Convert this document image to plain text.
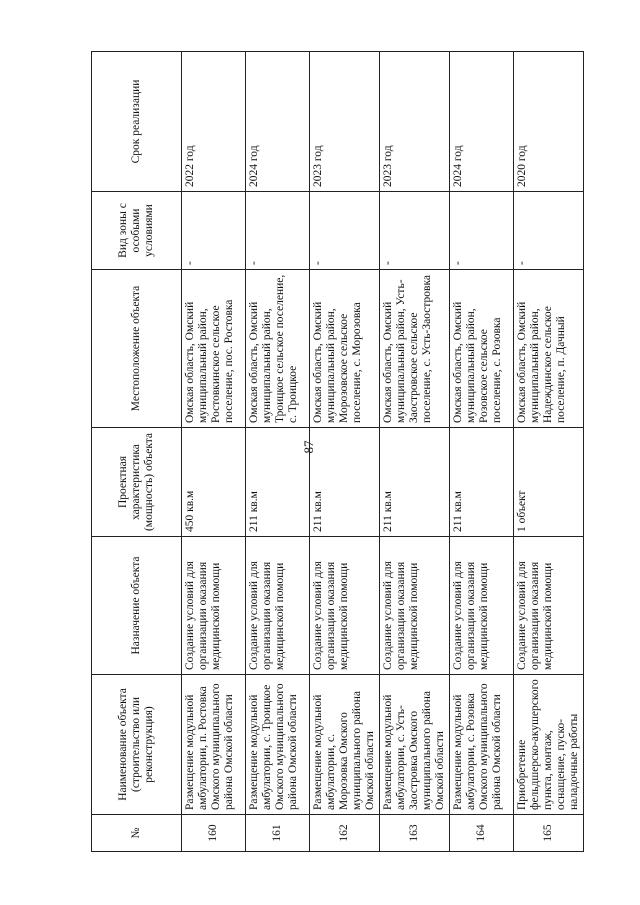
87
№	Наименование объекта (строительство или реконструкция)	Назначение объекта	Проектная характеристика (мощность) объекта	Местоположение объекта	Вид зоны с особыми условиями	Срок реализации
160	Размещение модульной амбулатории, п. Ростовка Омского муниципального района Омской области	Создание условий для организации оказания медицинской помощи	450 кв.м	Омская область, Омский муниципальный район, Ростовкинское сельское поселение, пос. Ростовка	-	2022 год
161	Размещение модульной амбулатории, с. Троицкое Омского муниципального района Омской области	Создание условий для организации оказания медицинской помощи	211 кв.м	Омская область, Омский муниципальный район, Троицкое сельское поселение, с. Троицкое	-	2024 год
162	Размещение модульной амбулатории, с. Морозовка Омского муниципального района Омской области	Создание условий для организации оказания медицинской помощи	211 кв.м	Омская область, Омский муниципальный район, Морозовское сельское поселение, с. Морозовка	-	2023 год
163	Размещение модульной амбулатории, с. Усть-Заостровка Омского муниципального района Омской области	Создание условий для организации оказания медицинской помощи	211 кв.м	Омская область, Омский муниципальный район, Усть-Заостровское сельское поселение, с. Усть-Заостровка	-	2023 год
164	Размещение модульной амбулатории, с. Розовка Омского муниципального района Омской области	Создание условий для организации оказания медицинской помощи	211 кв.м	Омская область, Омский муниципальный район, Розовское сельское поселение, с. Розовка	-	2024 год
165	Приобретение фельдшерско-акушерского пункта, монтаж, оснащение, пуско-наладочные работы	Создание условий для организации оказания медицинской помощи	1 объект	Омская область, Омский муниципальный район, Надеждинское сельское поселение, п. Дачный	-	2020 год
